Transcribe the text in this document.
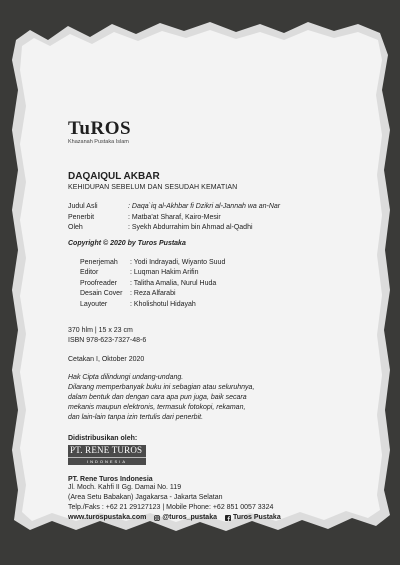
TuROS
Khazanah Pustaka Islam
DAQAIQUL AKBAR
KEHIDUPAN SEBELUM DAN SESUDAH KEMATIAN
Judul Asli	: Daqa`iq al-Akhbar fi Dzikri al-Jannah wa an-Nar
Penerbit	: Matba'at Sharaf, Kairo-Mesir
Oleh	: Syekh Abdurrahim bin Ahmad al-Qadhi
Copyright © 2020 by Turos Pustaka
Penerjemah	: Yodi Indrayadi, Wiyanto Suud
Editor	: Luqman Hakim Arifin
Proofreader	: Talitha Amalia, Nurul Huda
Desain Cover	: Reza Alfarabi
Layouter	: Kholishotul Hidayah
370 hlm | 15 x 23 cm
ISBN 978-623-7327-48-6
Cetakan I, Oktober 2020
Hak Cipta dilindungi undang-undang.
Dilarang memperbanyak buku ini sebagian atau seluruhnya,
dalam bentuk dan dengan cara apa pun juga, baik secara
mekanis maupun elektronis, termasuk fotokopi, rekaman,
dan lain-lain tanpa izin tertulis dari penerbit.
Didistribusikan oleh:
PT. RENE TUROS
INDONESIA
PT. Rene Turos Indonesia
Jl. Moch. Kahfi II Gg. Damai No. 119
(Area Setu Babakan) Jagakarsa - Jakarta Selatan
Telp./Faks : +62 21 29127123 | Mobile Phone: +62 851 0057 3324
www.turospustaka.com @turos_pustaka Turos Pustaka
